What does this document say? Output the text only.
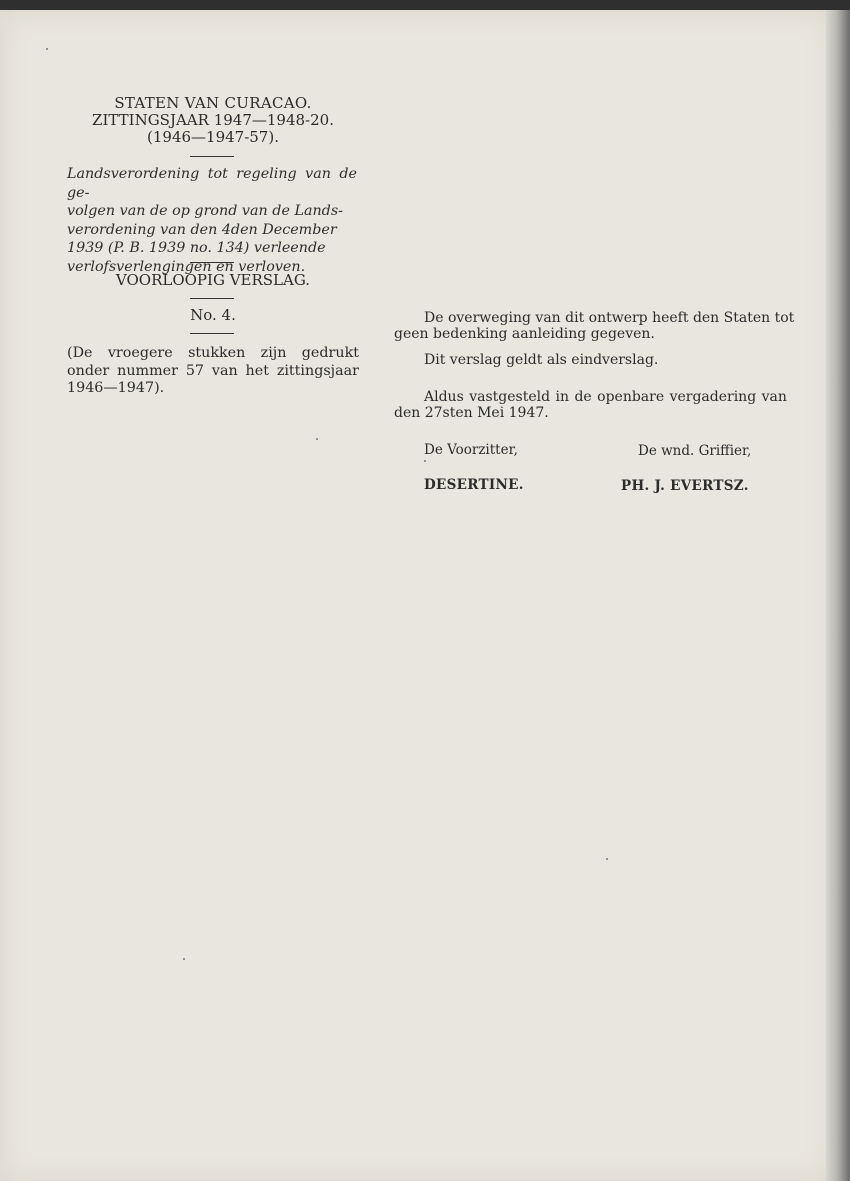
STATEN VAN CURACAO.
ZITTINGSJAAR 1947—1948-20.
(1946—1947-57).
Landsverordening tot regeling van de ge-
volgen van de op grond van de Lands-
verordening van den 4den December
1939 (P. B. 1939 no. 134) verleende
verlofsverlengingen en verloven.
VOORLOOPIG VERSLAG.
No. 4.
(De vroegere stukken zijn gedrukt onder nummer 57 van het zittingsjaar 1946—1947).
De overweging van dit ontwerp heeft den Staten tot
geen bedenking aanleiding gegeven.
Dit verslag geldt als eindverslag.
Aldus vastgesteld in de openbare vergadering van
den 27sten Mei 1947.
De Voorzitter,	De wnd. Griffier,
DESERTINE.	PH. J. EVERTSZ.
